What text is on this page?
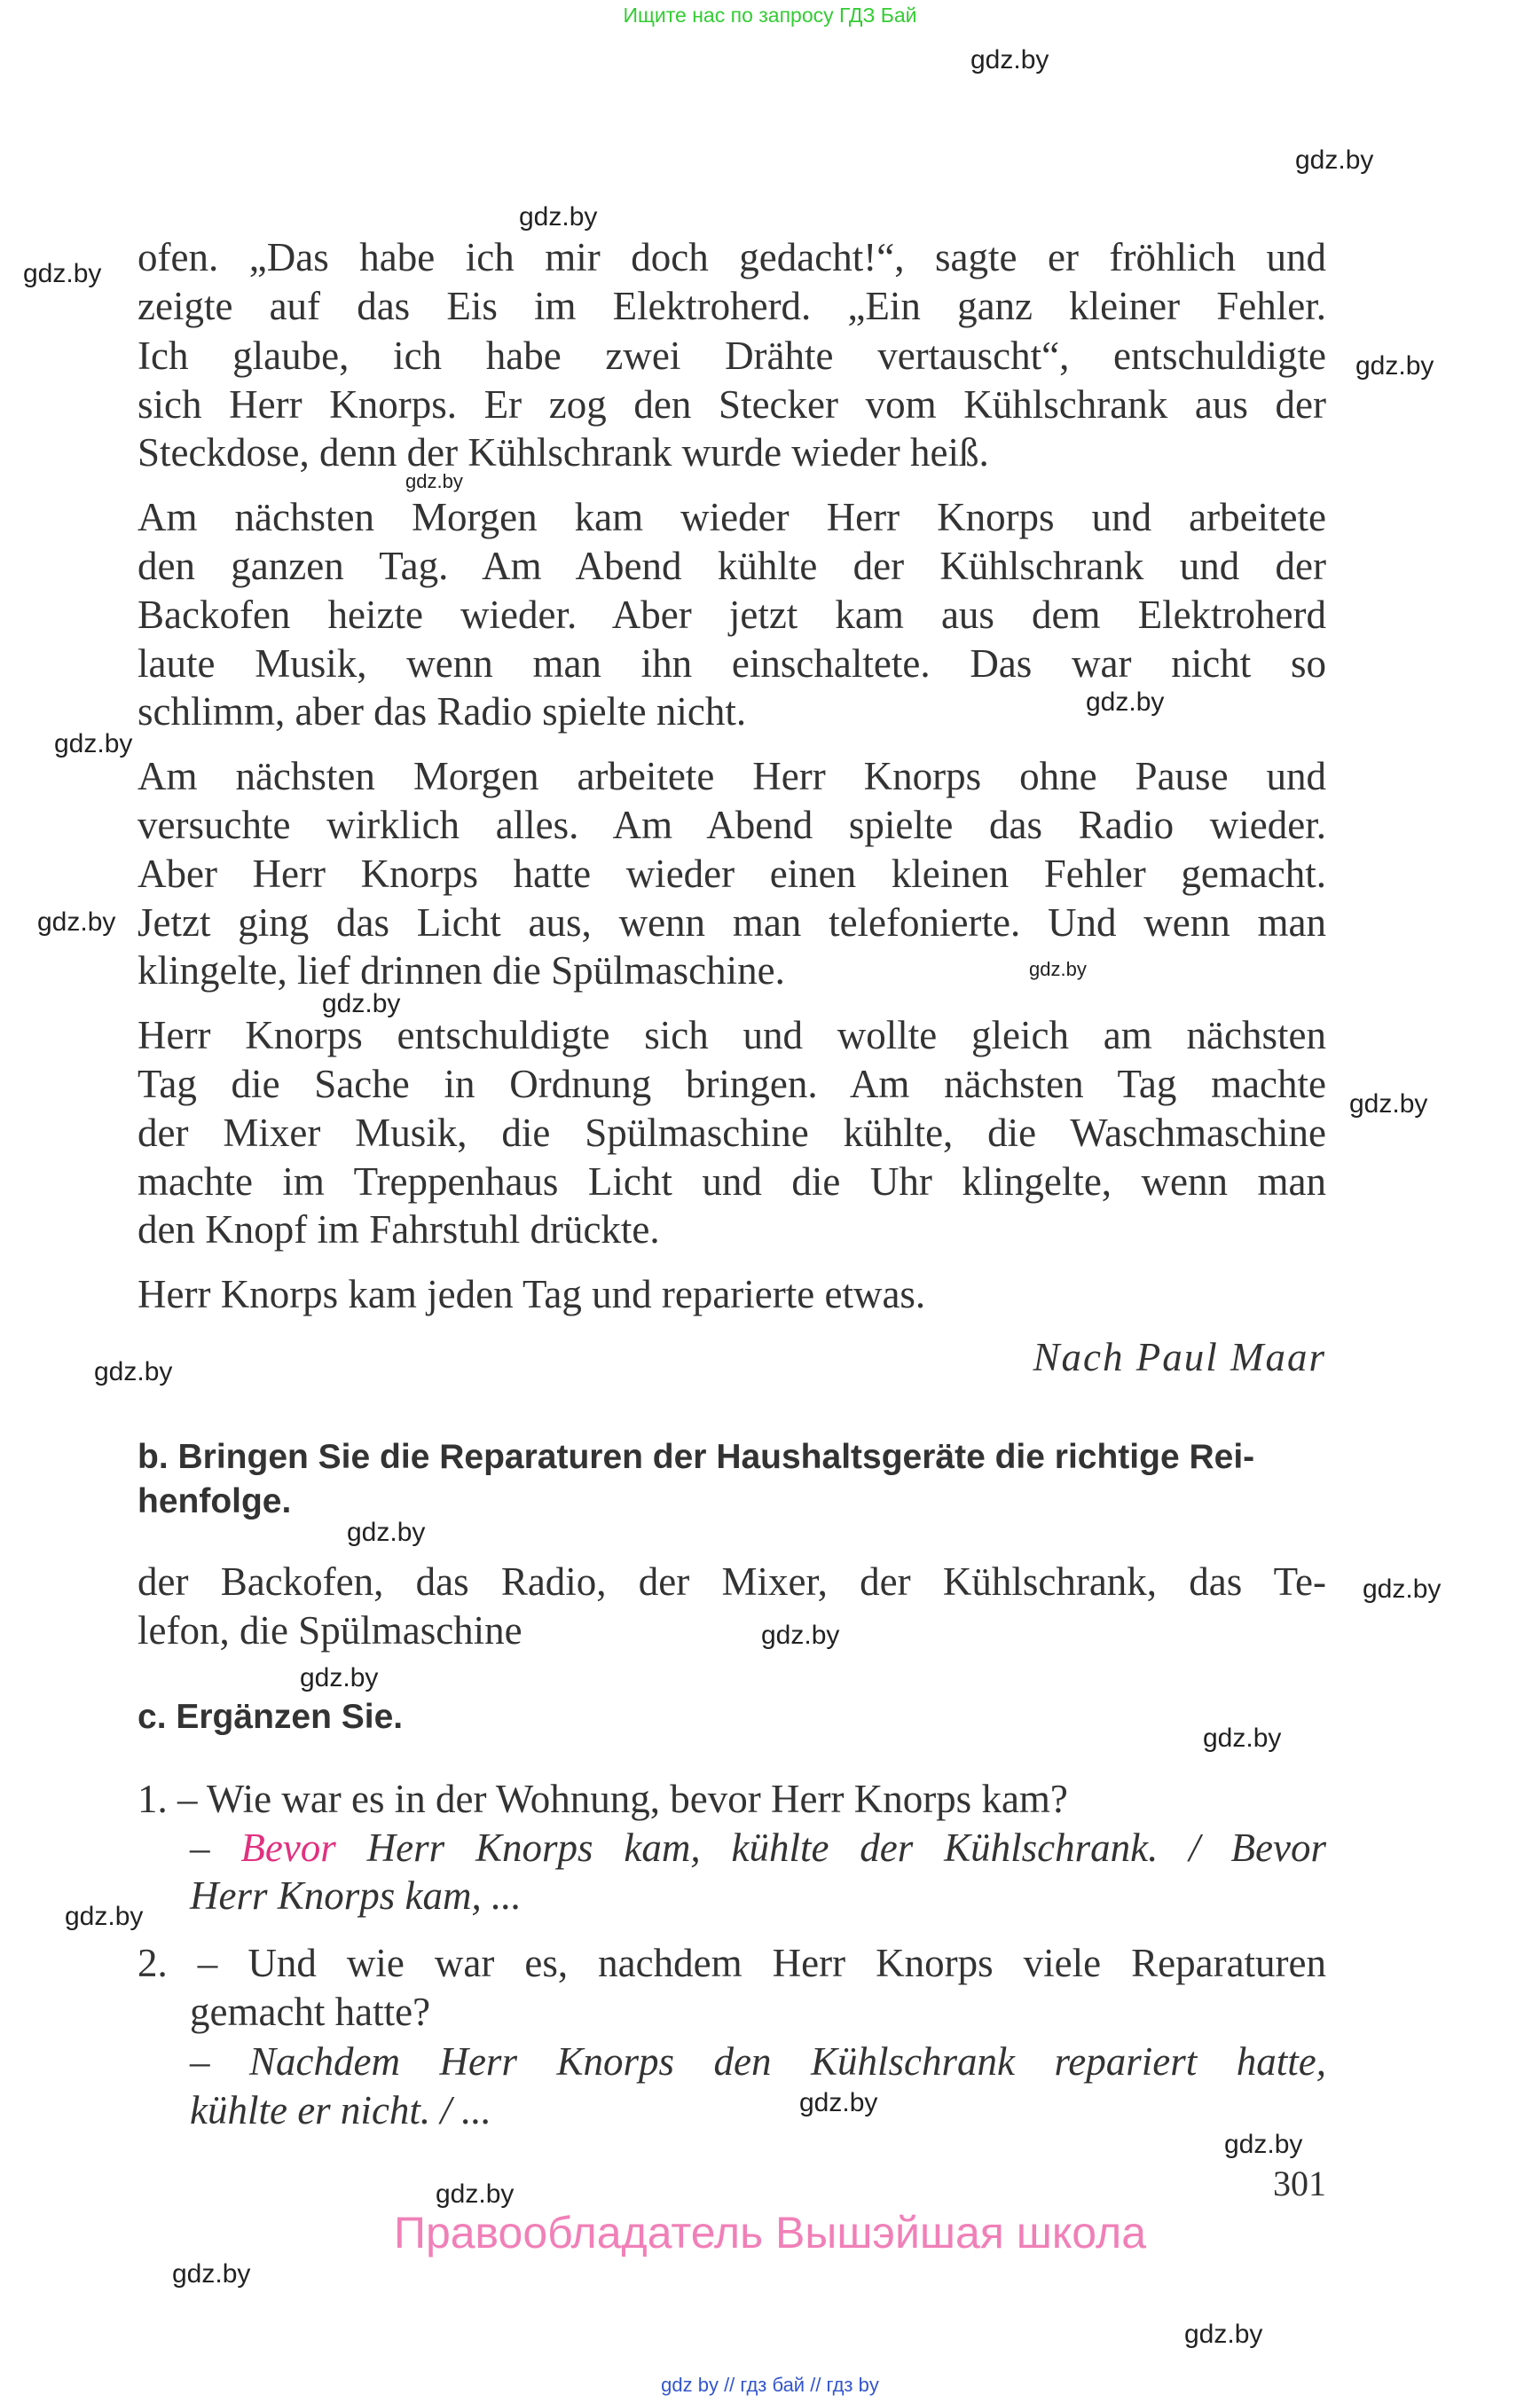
Ищите нас по запросу ГДЗ Бай
ofen. „Das habe ich mir doch gedacht!“, sagte er fröhlich und
zeigte auf das Eis im Elektroherd. „Ein ganz kleiner Fehler.
Ich glaube, ich habe zwei Drähte vertauscht“, entschuldigte
sich Herr Knorps. Er zog den Stecker vom Kühlschrank aus der
Steckdose, denn der Kühlschrank wurde wieder heiß.
Am nächsten Morgen kam wieder Herr Knorps und arbeitete
den ganzen Tag. Am Abend kühlte der Kühlschrank und der
Backofen heizte wieder. Aber jetzt kam aus dem Elektroherd
laute Musik, wenn man ihn einschaltete. Das war nicht so
schlimm, aber das Radio spielte nicht.
Am nächsten Morgen arbeitete Herr Knorps ohne Pause und
versuchte wirklich alles. Am Abend spielte das Radio wieder.
Aber Herr Knorps hatte wieder einen kleinen Fehler gemacht.
Jetzt ging das Licht aus, wenn man telefonierte. Und wenn man
klingelte, lief drinnen die Spülmaschine.
Herr Knorps entschuldigte sich und wollte gleich am nächsten
Tag die Sache in Ordnung bringen. Am nächsten Tag machte
der Mixer Musik, die Spülmaschine kühlte, die Waschmaschine
machte im Treppenhaus Licht und die Uhr klingelte, wenn man
den Knopf im Fahrstuhl drückte.
Herr Knorps kam jeden Tag und reparierte etwas.
Nach Paul Maar
b. Bringen Sie die Reparaturen der Haushaltsgeräte die richtige Rei-
henfolge.
der Backofen, das Radio, der Mixer, der Kühlschrank, das Te-
lefon, die Spülmaschine
c. Ergänzen Sie.
1. – Wie war es in der Wohnung, bevor Herr Knorps kam?
– Bevor Herr Knorps kam, kühlte der Kühlschrank. / Bevor
Herr Knorps kam, ...
2. – Und wie war es, nachdem Herr Knorps viele Reparaturen
gemacht hatte?
– Nachdem Herr Knorps den Kühlschrank repariert hatte,
kühlte er nicht. / ...
301
Правообладатель Вышэйшая школа
gdz by // гдз бай // гдз by
gdz.by
gdz.by
gdz.by
gdz.by
gdz.by
gdz.by
gdz.by
gdz.by
gdz.by
gdz.by
gdz.by
gdz.by
gdz.by
gdz.by
gdz.by
gdz.by
gdz.by
gdz.by
gdz.by
gdz.by
gdz.by
gdz.by
gdz.by
gdz.by
